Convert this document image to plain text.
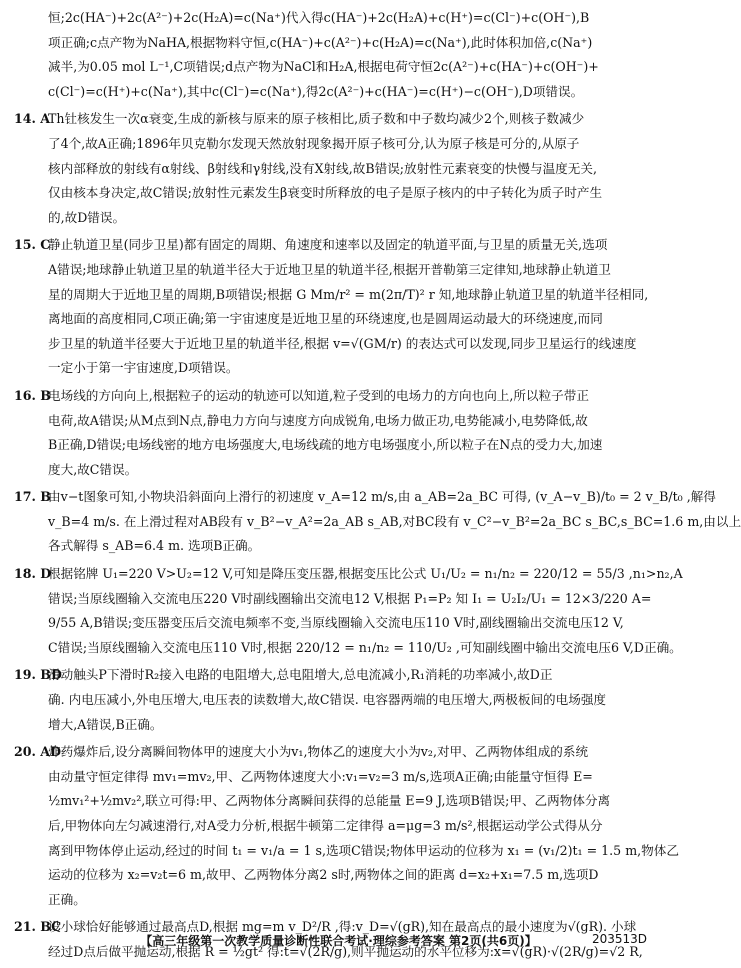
恒;2c(HA⁻)+2c(A²⁻)+2c(H₂A)=c(Na⁺)代入得c(HA⁻)+2c(H₂A)+c(H⁺)=c(Cl⁻)+c(OH⁻),B
项正确;c点产物为NaHA,根据物料守恒,c(HA⁻)+c(A²⁻)+c(H₂A)=c(Na⁺),此时体积加倍,c(Na⁺)
减半,为0.05 mol L⁻¹,C项错误;d点产物为NaCl和H₂A,根据电荷守恒2c(A²⁻)+c(HA⁻)+c(OH⁻)+
c(Cl⁻)=c(H⁺)+c(Na⁺),其中c(Cl⁻)=c(Na⁺),得2c(A²⁻)+c(HA⁻)=c(H⁺)−c(OH⁻),D项错误。

14. ATh钍核发生一次α衰变,生成的新核与原来的原子核相比,质子数和中子数均减少2个,则核子数减少
了4个,故A正确;1896年贝克勒尔发现天然放射现象揭开原子核可分,认为原子核是可分的,从原子
核内部释放的射线有α射线、β射线和γ射线,没有X射线,故B错误;放射性元素衰变的快慢与温度无关,
仅由核本身决定,故C错误;放射性元素发生β衰变时所释放的电子是原子核内的中子转化为质子时产生
的,故D错误。

15. C静止轨道卫星(同步卫星)都有固定的周期、角速度和速率以及固定的轨道平面,与卫星的质量无关,选项
A错误;地球静止轨道卫星的轨道半径大于近地卫星的轨道半径,根据开普勒第三定律知,地球静止轨道卫
星的周期大于近地卫星的周期,B项错误;根据 G Mm/r² = m(2π/T)² r 知,地球静止轨道卫星的轨道半径相同,
离地面的高度相同,C项正确;第一宇宙速度是近地卫星的环绕速度,也是圆周运动最大的环绕速度,而同
步卫星的轨道半径要大于近地卫星的轨道半径,根据 v=√(GM/r) 的表达式可以发现,同步卫星运行的线速度
一定小于第一宇宙速度,D项错误。

16. B电场线的方向向上,根据粒子的运动的轨迹可以知道,粒子受到的电场力的方向也向上,所以粒子带正
电荷,故A错误;从M点到N点,静电力方向与速度方向成锐角,电场力做正功,电势能减小,电势降低,故
B正确,D错误;电场线密的地方电场强度大,电场线疏的地方电场强度小,所以粒子在N点的受力大,加速
度大,故C错误。

17. B由v−t图象可知,小物块沿斜面向上滑行的初速度 v_A=12 m/s,由 a_AB=2a_BC 可得, (v_A−v_B)/t₀ = 2 v_B/t₀ ,解得
v_B=4 m/s. 在上滑过程对AB段有 v_B²−v_A²=2a_AB s_AB,对BC段有 v_C²−v_B²=2a_BC s_BC,s_BC=1.6 m,由以上
各式解得 s_AB=6.4 m. 选项B正确。

18. D根据铭牌 U₁=220 V>U₂=12 V,可知是降压变压器,根据变压比公式 U₁/U₂ = n₁/n₂ = 220/12 = 55/3 ,n₁>n₂,A
错误;当原线圈输入交流电压220 V时副线圈输出交流电12 V,根据 P₁=P₂ 知 I₁ = U₂I₂/U₁ = 12×3/220 A=
9/55 A,B错误;变压器变压后交流电频率不变,当原线圈输入交流电压110 V时,副线圈输出交流电压12 V,
C错误;当原线圈输入交流电压110 V时,根据 220/12 = n₁/n₂ = 110/U₂ ,可知副线圈中输出交流电压6 V,D正确。

19. BD滑动触头P下滑时R₂接入电路的电阻增大,总电阻增大,总电流减小,R₁消耗的功率减小,故D正
确. 内电压减小,外电压增大,电压表的读数增大,故C错误. 电容器两端的电压增大,两极板间的电场强度
增大,A错误,B正确。

20. AD炸药爆炸后,设分离瞬间物体甲的速度大小为v₁,物体乙的速度大小为v₂,对甲、乙两物体组成的系统
由动量守恒定律得 mv₁=mv₂,甲、乙两物体速度大小:v₁=v₂=3 m/s,选项A正确;由能量守恒得 E=
½mv₁²+½mv₂²,联立可得:甲、乙两物体分离瞬间获得的总能量 E=9 J,选项B错误;甲、乙两物体分离
后,甲物体向左匀减速滑行,对A受力分析,根据牛顿第二定律得 a=μg=3 m/s²,根据运动学公式得从分
离到甲物体停止运动,经过的时间 t₁ = v₁/a = 1 s,选项C错误;物体甲运动的位移为 x₁ = (v₁/2)t₁ = 1.5 m,物体乙
运动的位移为 x₂=v₂t=6 m,故甲、乙两物体分离2 s时,两物体之间的距离 d=x₂+x₁=7.5 m,选项D
正确。

21. BC设小球恰好能够通过最高点D,根据 mg=m v_D²/R ,得:v_D=√(gR),知在最高点的最小速度为√(gR). 小球
经过D点后做平抛运动,根据 R = ½gt² 得:t=√(2R/g),则平抛运动的水平位移为:x=√(gR)·√(2R/g)=√2 R,

【高三年级第一次教学质量诊断性联合考试·理综参考答案 第2页(共6页)】	203513D
